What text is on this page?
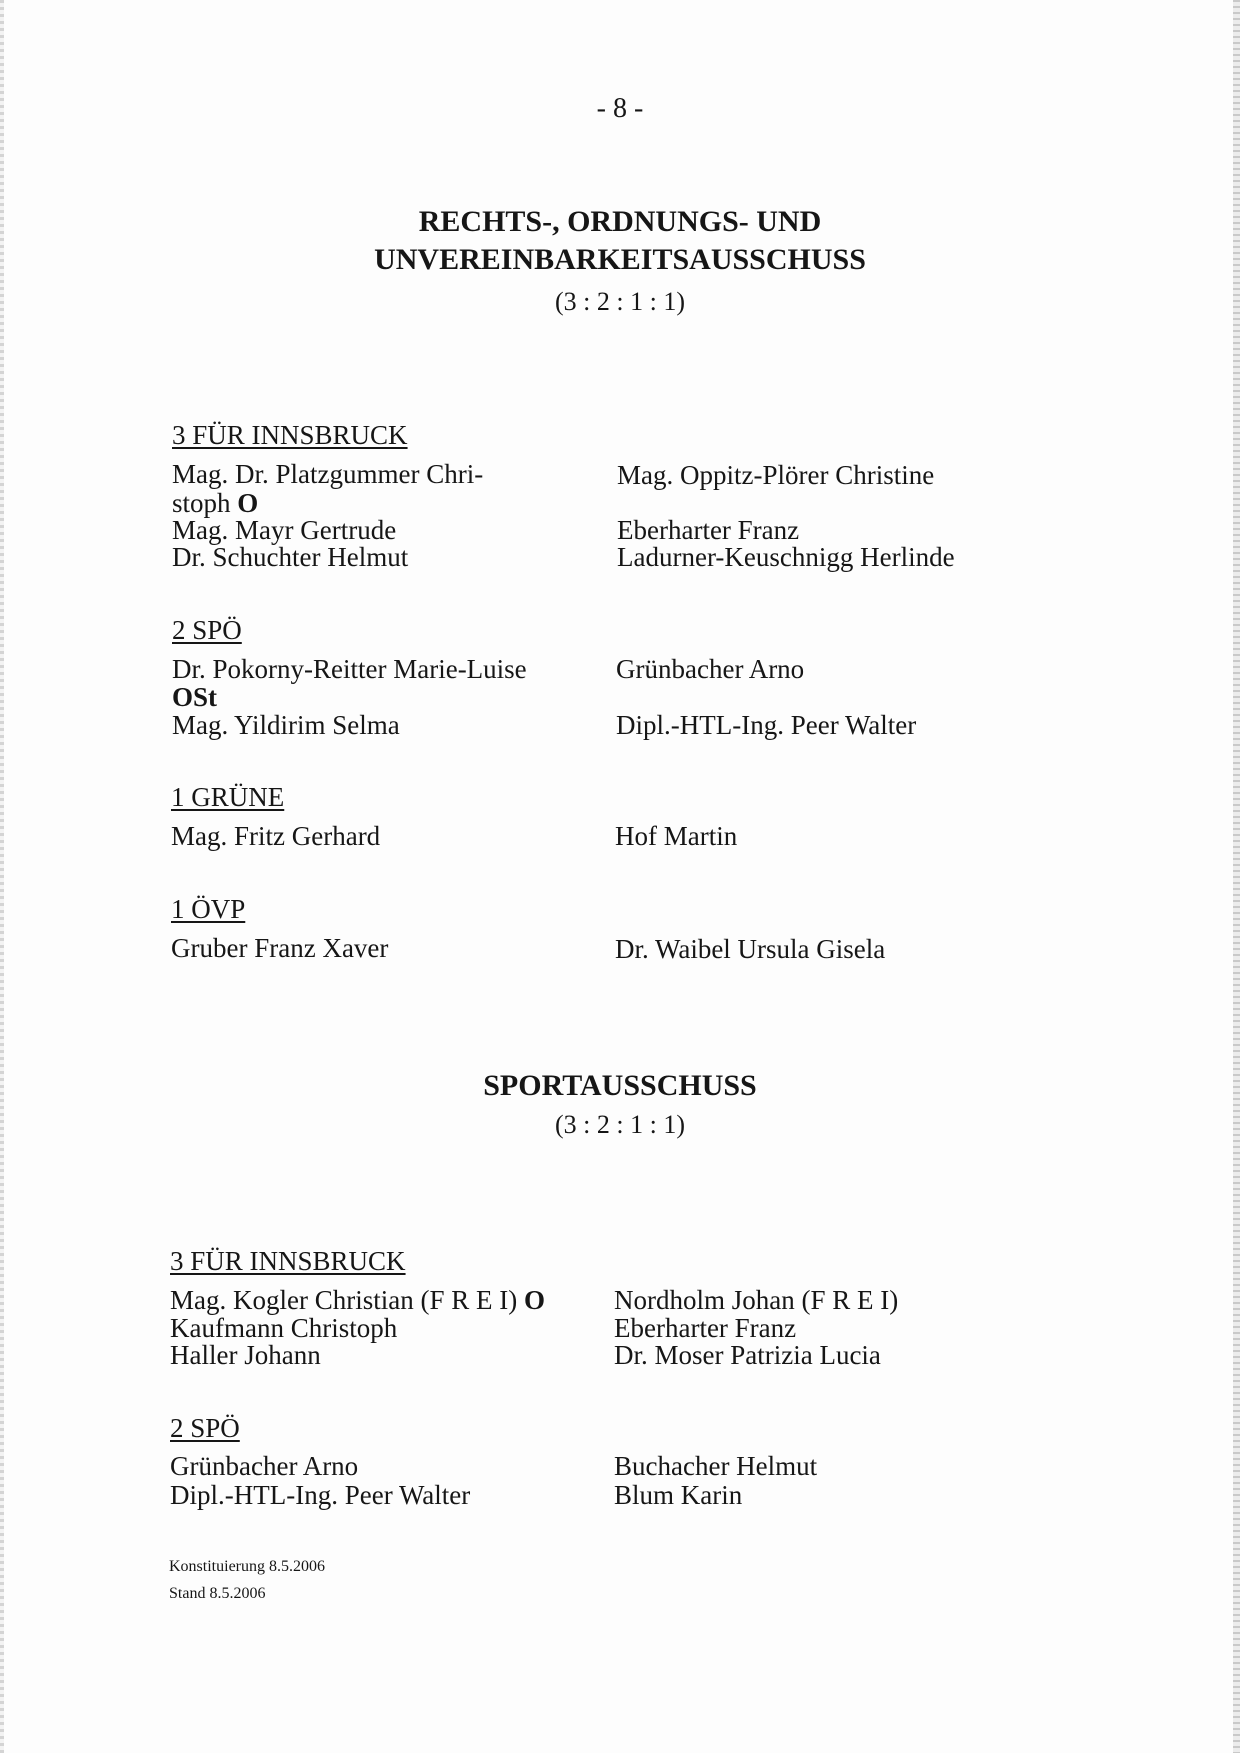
- 8 -
RECHTS-, ORDNUNGS- UND
UNVEREINBARKEITSAUSSCHUSS
(3 : 2 : 1 : 1)
3 FÜR INNSBRUCK
Mag. Dr. Platzgummer Chri-
stoph O
Mag. Mayr Gertrude
Dr. Schuchter Helmut
Mag. Oppitz-Plörer Christine
Eberharter Franz
Ladurner-Keuschnigg Herlinde
2 SPÖ
Dr. Pokorny-Reitter Marie-Luise
OSt
Mag. Yildirim Selma
Grünbacher Arno
Dipl.-HTL-Ing. Peer Walter
1 GRÜNE
Mag. Fritz Gerhard	Hof Martin
1 ÖVP
Gruber Franz Xaver	Dr. Waibel Ursula Gisela
SPORTAUSSCHUSS
(3 : 2 : 1 : 1)
3 FÜR INNSBRUCK
Mag. Kogler Christian (F R E I) O
Kaufmann Christoph
Haller Johann
Nordholm Johan (F R E I)
Eberharter Franz
Dr. Moser Patrizia Lucia
2 SPÖ
Grünbacher Arno
Dipl.-HTL-Ing. Peer Walter
Buchacher Helmut
Blum Karin
Konstituierung 8.5.2006
Stand 8.5.2006
